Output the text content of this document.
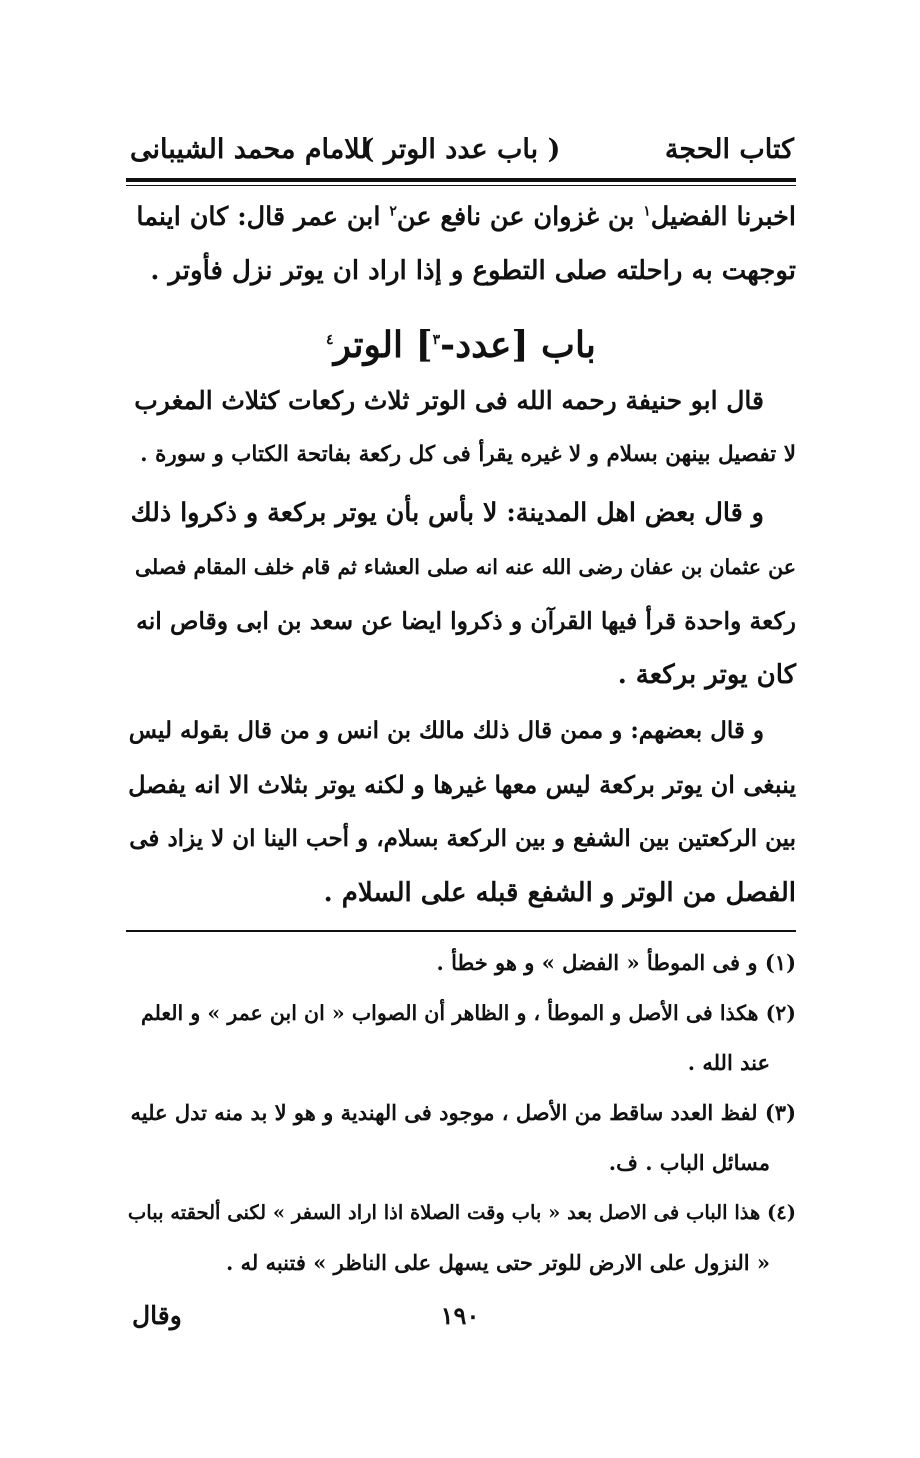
كتاب الحجة
( باب عدد الوتر )
للامام محمد الشيبانى
اخبرنا الفضيل$^١$ بن غزوان عن نافع عن$^٢$ ابن عمر قال: كان اينما
توجهت به راحلته صلى التطوع و إذا اراد ان يوتر نزل فأوتر .
باب [عدد-$^٣$] الوتر$^٤$
قال ابو حنيفة رحمه الله فى الوتر ثلاث ركعات كثلاث المغرب
لا تفصيل بينهن بسلام و لا غيره يقرأ فى كل ركعة بفاتحة الكتاب و سورة .
و قال بعض اهل المدينة: لا بأس بأن يوتر بركعة و ذكروا ذلك
عن عثمان بن عفان رضى الله عنه انه صلى العشاء ثم قام خلف المقام فصلى
ركعة واحدة قرأ فيها القرآن و ذكروا ايضا عن سعد بن ابى وقاص انه
كان يوتر بركعة .
و قال بعضهم: و ممن قال ذلك مالك بن انس و من قال بقوله ليس
ينبغى ان يوتر بركعة ليس معها غيرها و لكنه يوتر بثلاث الا انه يفصل
بين الركعتين بين الشفع و بين الركعة بسلام، و أحب الينا ان لا يزاد فى
الفصل من الوتر و الشفع قبله على السلام .
(١) و فى الموطأ « الفضل » و هو خطأ .
(٢) هكذا فى الأصل و الموطأ ، و الظاهر أن الصواب « ان ابن عمر » و العلم
عند الله .
(٣) لفظ العدد ساقط من الأصل ، موجود فى الهندية و هو لا بد منه تدل عليه
مسائل الباب . ف.
(٤) هذا الباب فى الاصل بعد « باب وقت الصلاة اذا اراد السفر » لكنى ألحقته بباب
« النزول على الارض للوتر حتى يسهل على الناظر » فتنبه له .
١٩٠
وقال
